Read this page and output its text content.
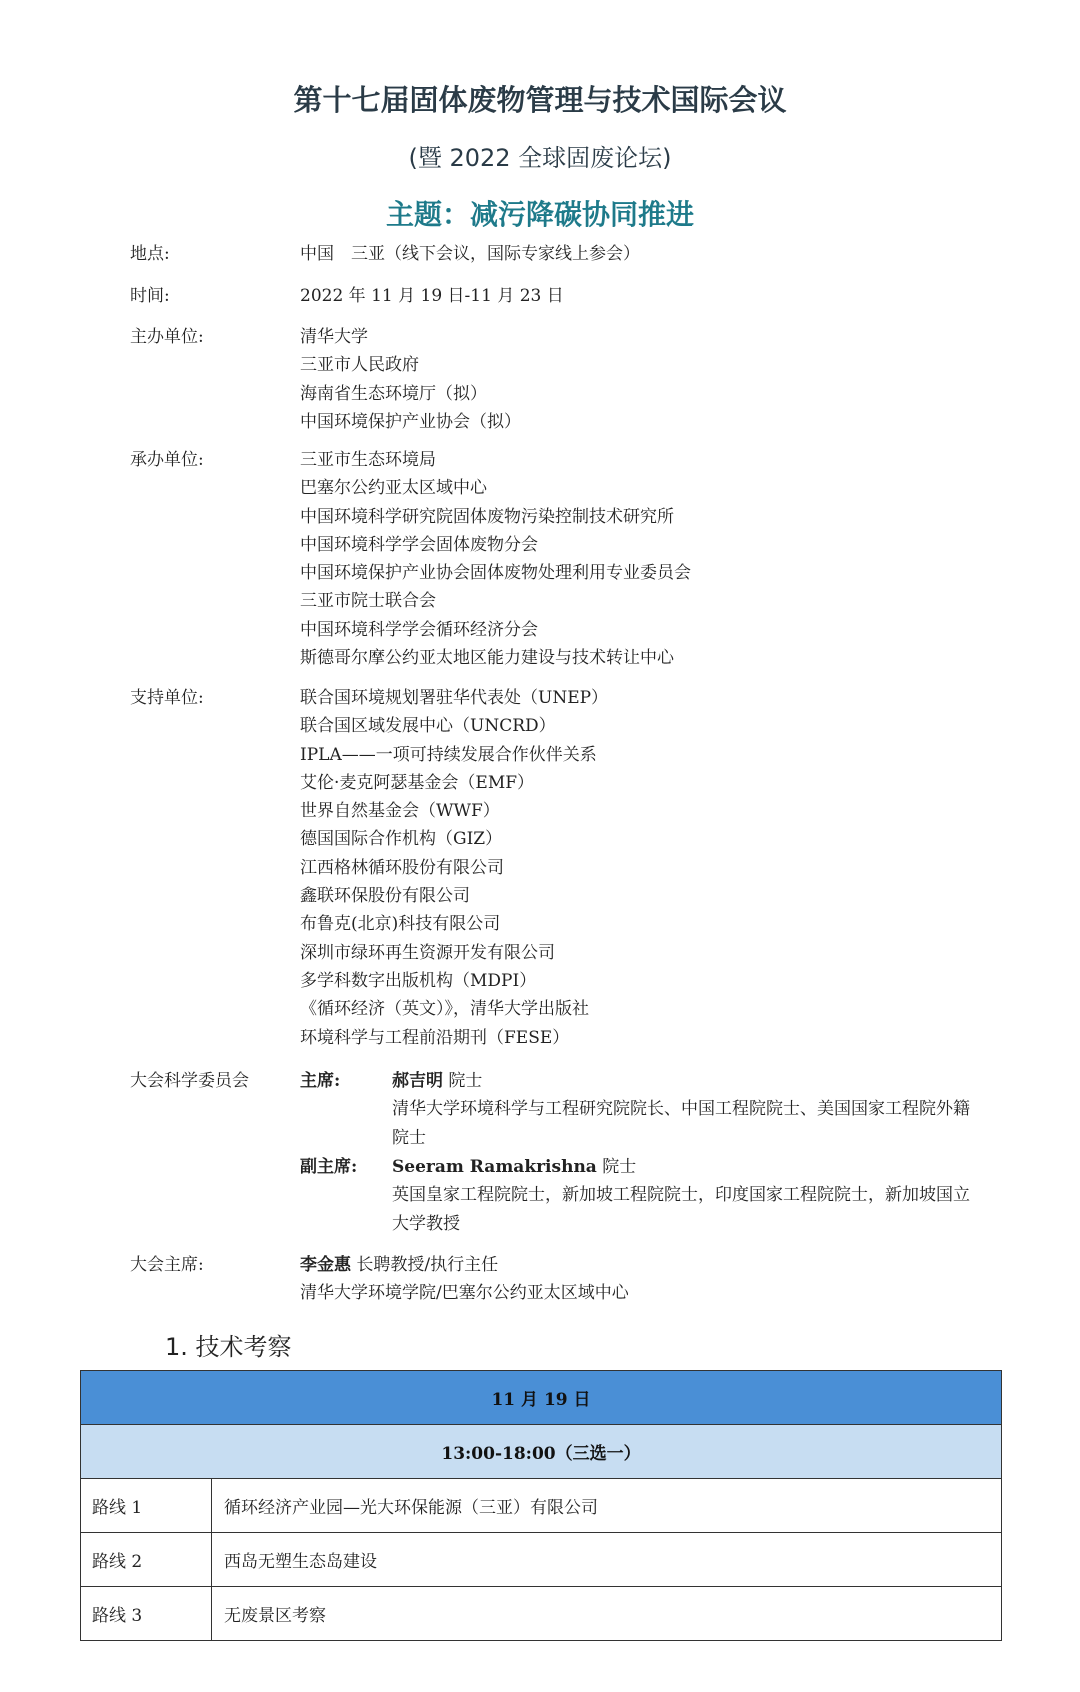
第十七届固体废物管理与技术国际会议
(暨 2022 全球固废论坛)
主题：减污降碳协同推进
地点:	中国　三亚（线下会议，国际专家线上参会）
时间:	2022 年 11 月 19 日-11 月 23 日
主办单位:	清华大学
三亚市人民政府
海南省生态环境厅（拟）
中国环境保护产业协会（拟）
承办单位:	三亚市生态环境局
巴塞尔公约亚太区域中心
中国环境科学研究院固体废物污染控制技术研究所
中国环境科学学会固体废物分会
中国环境保护产业协会固体废物处理利用专业委员会
三亚市院士联合会
中国环境科学学会循环经济分会
斯德哥尔摩公约亚太地区能力建设与技术转让中心
支持单位:	联合国环境规划署驻华代表处（UNEP）
联合国区域发展中心（UNCRD）
IPLA——一项可持续发展合作伙伴关系
艾伦·麦克阿瑟基金会（EMF）
世界自然基金会（WWF）
德国国际合作机构（GIZ）
江西格林循环股份有限公司
鑫联环保股份有限公司
布鲁克(北京)科技有限公司
深圳市绿环再生资源开发有限公司
多学科数字出版机构（MDPI）
《循环经济（英文）》，清华大学出版社
环境科学与工程前沿期刊（FESE）
大会科学委员会	主席:	郝吉明 院士
清华大学环境科学与工程研究院院长、中国工程院院士、美国国家工程院外籍院士
副主席: Seeram Ramakrishna 院士
英国皇家工程院院士，新加坡工程院院士，印度国家工程院院士，新加坡国立大学教授
大会主席:	李金惠 长聘教授/执行主任
清华大学环境学院/巴塞尔公约亚太区域中心
1. 技术考察
11 月 19 日	
13:00-18:00（三选一）	
路线 1	循环经济产业园—光大环保能源（三亚）有限公司
路线 2	西岛无塑生态岛建设
路线 3	无废景区考察
